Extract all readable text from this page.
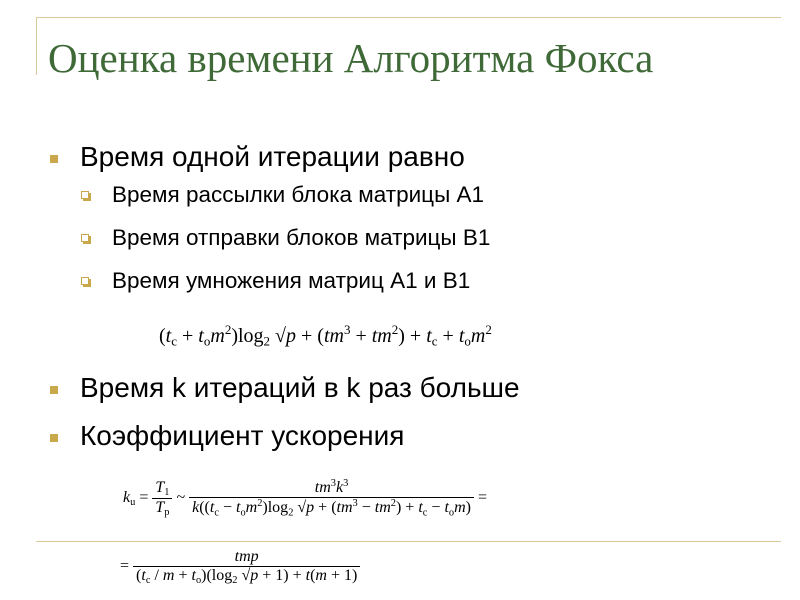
Оценка времени Алгоритма Фокса
Время одной итерации равно
Время рассылки блока матрицы А1
Время отправки блоков матрицы В1
Время умножения матриц А1 и В1
Время k итераций в k раз больше
Коэффициент ускорения
$(t_c + t_om^2)\log_2$ $√p + (tm^3 + tm^2) + t_c + t_om^2$
$k_u = \frac{T_1}{T_p}$ ~ $\frac{tm^3k^3}{k((t_c - t_om^2)\log_2 √p + (tm^3 - tm^2) + t_c - t_om)}$ =
= $\frac{\text{tmp}}{(t_c / m + t_o)(\log_2 √p + 1) + t(m + 1)}$
